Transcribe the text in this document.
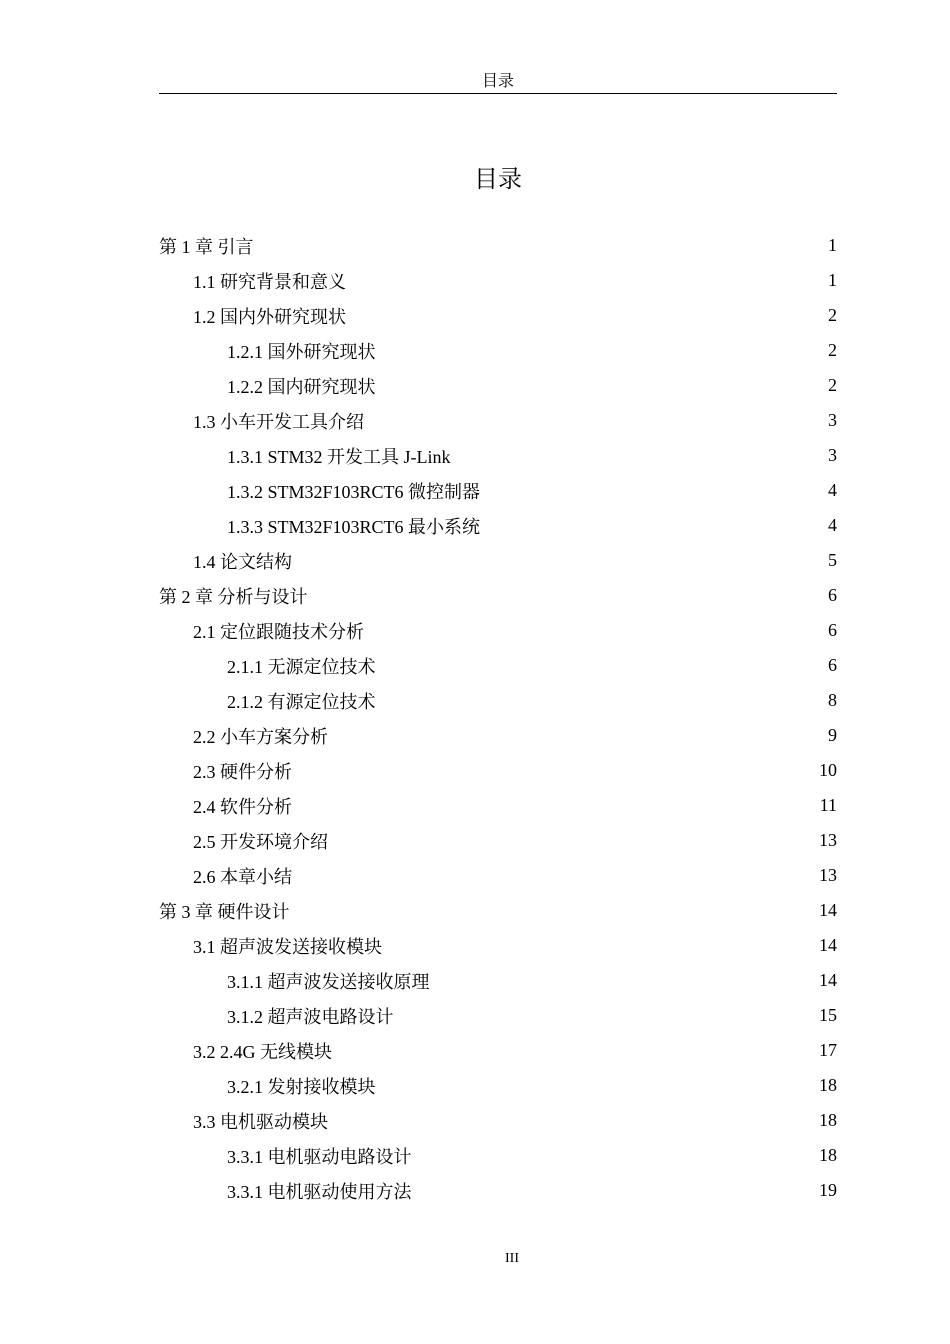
目录
目录
第 1 章 引言	1
1.1 研究背景和意义	1
1.2 国内外研究现状	2
1.2.1 国外研究现状	2
1.2.2 国内研究现状	2
1.3 小车开发工具介绍	3
1.3.1 STM32 开发工具 J-Link	3
1.3.2 STM32F103RCT6 微控制器	4
1.3.3 STM32F103RCT6 最小系统	4
1.4 论文结构	5
第 2 章 分析与设计	6
2.1 定位跟随技术分析	6
2.1.1 无源定位技术	6
2.1.2 有源定位技术	8
2.2 小车方案分析	9
2.3 硬件分析	10
2.4 软件分析	11
2.5 开发环境介绍	13
2.6 本章小结	13
第 3 章 硬件设计	14
3.1 超声波发送接收模块	14
3.1.1 超声波发送接收原理	14
3.1.2 超声波电路设计	15
3.2 2.4G 无线模块	17
3.2.1 发射接收模块	18
3.3 电机驱动模块	18
3.3.1 电机驱动电路设计	18
3.3.1 电机驱动使用方法	19
III
